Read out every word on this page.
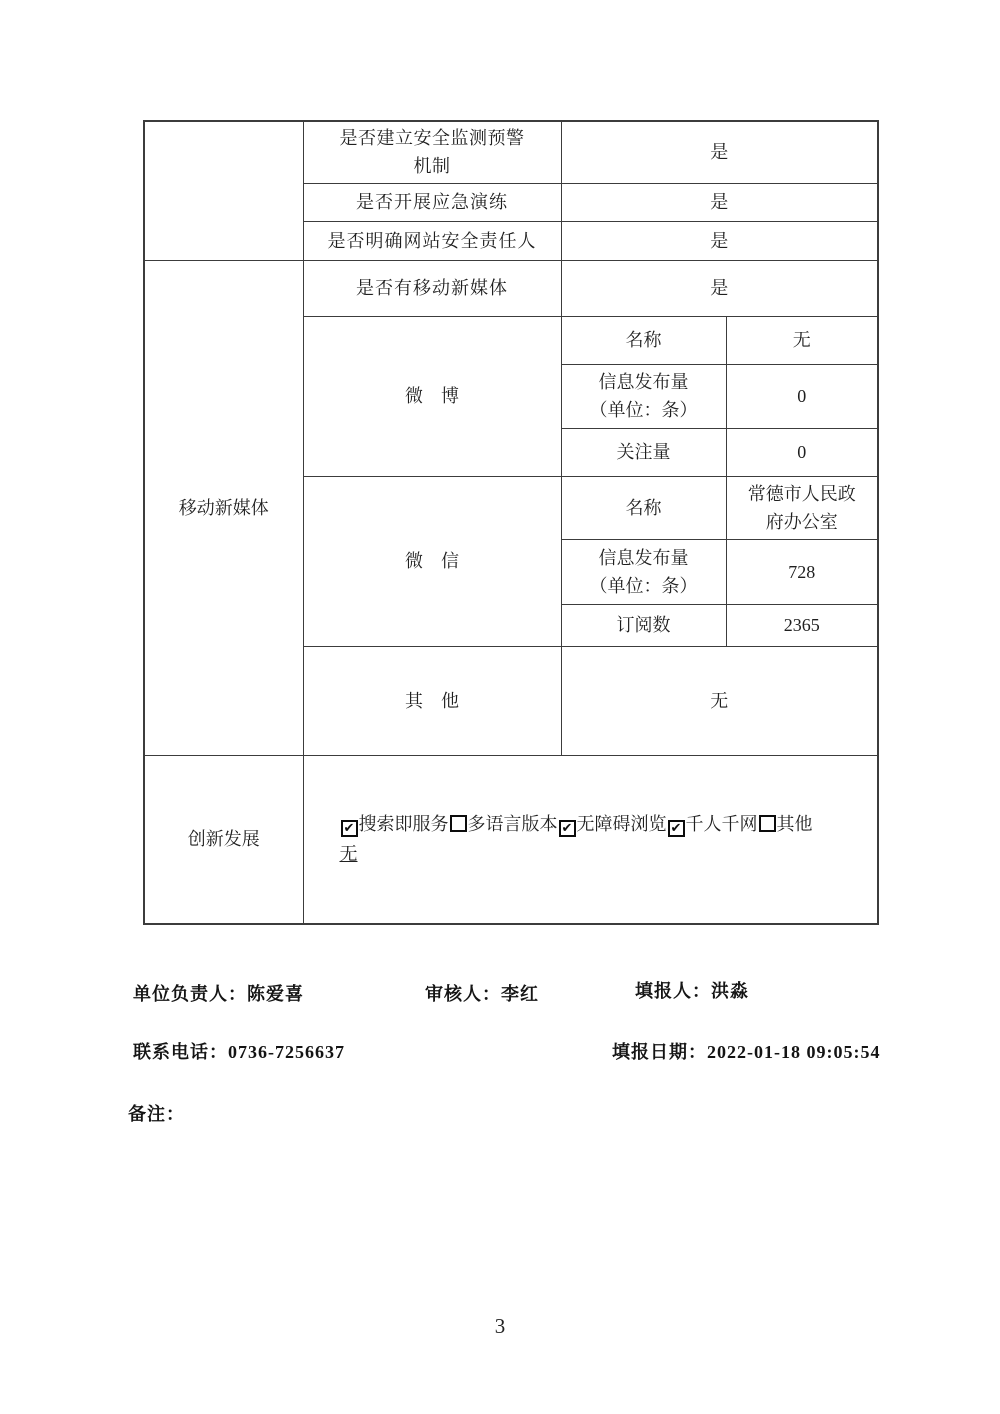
	是否建立安全监测预警机制	是	
	是否开展应急演练	是	
	是否明确网站安全责任人	是	
移动新媒体	是否有移动新媒体	是	
	微　博	名称	无

		信息发布量（单位：条）	0
		关注量	0
	微　信	名称	常德市人民政府办公室

		信息发布量（单位：条）	728
		订阅数	2365
	其　他	无	
创新发展	✔ 搜索即服务 多语言版本 ✔ 无障碍浏览 ✔ 千人千网 其他
无		
单位负责人：陈爱喜	审核人：李红	填报人：洪淼
联系电话：0736-7256637	填报日期：2022-01-18 09:05:54
备注：
3
